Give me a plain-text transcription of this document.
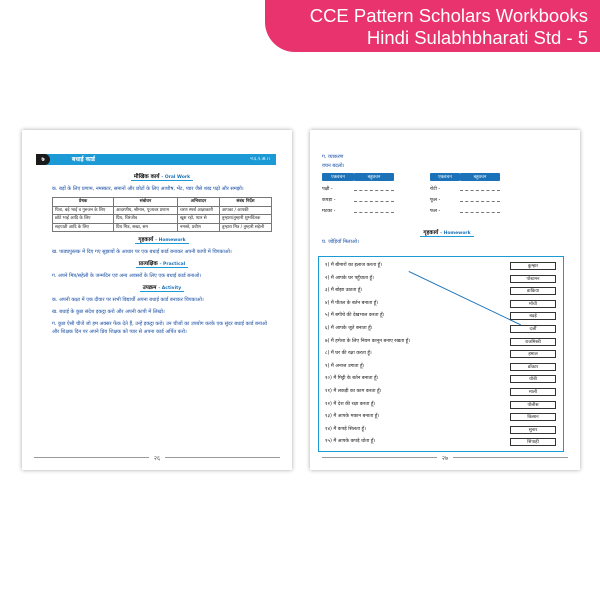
CCE Pattern Scholars Workbooks
Hindi Sulabhbharati Std - 5
७	बधाई कार्ड	न.६.१.अ.।।
मौखिक कार्य - Oral Work
क. बड़ों के लिए प्रणाम, नमस्कार, समानों और छोटों के लिए आशीष, भेंट, प्यार जैसे शब्द पढ़ो और समझो।
प्रेषक	संबोधन	अभिवादन	संबंध निर्देश
पिता, बड़े भाई व गुरुजन के लिए	आदरणीय, श्रीमान, पूज्यवर प्रणाम	चरण स्पर्श आज्ञाकारी	आपका / आपकी
छोटे भाई आदि के लिए	प्रिय, चिरंजीव	खुश रहो, प्यार से	तुम्हारा/तुम्हारी शुभचिंतक
सहपाठी आदि के लिए	प्रिय मित्र, सखा, सम	नमस्ते, प्रवीण	तुम्हारा मित्र / तुम्हारी सहेली
गृहकार्य - Homework
ख. पाठ्यपुस्तक में दिए गए सुझावों के आधार पर एक बधाई कार्ड बनाकर अपनी कापी में चिपकाओ।
प्रात्यक्षिक - Practical
ग. अपने मित्र/सहेली के जन्मदिन एवं अन्य अवसरों के लिए एक बधाई कार्ड बनाओ।
उपक्रम - Activity
क. अपनी कक्षा में एक दीवार पर सभी विद्यार्थी अपना बधाई कार्ड बनाकर चिपकाओ।
ख. बधाई के कुछ संदेश इकट्ठा करो और अपनी कापी में लिखो।
ग. कुछ ऐसी चीजें जो हम अक्सर फेंक देते हैं, उन्हें इकट्ठा करो। उन चीजों का उपयोग करके एक सुंदर बधाई कार्ड बनाओ और शिक्षक दिन पर अपने प्रिय शिक्षक को प्यार से अपना कार्ड अर्पित करो।
२६
ग. व्याकरण
वचन बदलो।
एकवचन	बहुवचन	एकवचन	बहुवचन
पक्षी -	रोटी -
कपड़ा -	फूल -
मटका -	फल -
गृहकार्य - Homework
घ. जोड़ियाँ मिलाओ।
१) मैं बीमारों का इलाज करता हूँ।	कुम्हार
२) मैं आपके घर पहुँचाता हूँ।	पोस्टमन
३) मैं बोझा उठाता हूँ।	डाकिया
४) मैं पीतल के बर्तन बनाता हूँ।	मोची
५) मैं बगीचे की देखभाल करता हूँ।	बढ़ई
६) मैं आपके जूते बनाता हूँ।	दर्जी
७) मैं हमेशा के लिए नियम कानून बनाए रखता हूँ।	राजमिस्त्री
८) मैं घर की रक्षा करता हूँ।	हमाल
९) मैं अनाज उगाता हूँ।	डॉक्टर
१०) मैं मिट्टी के बर्तन बनाता हूँ।	धोबी
११) मैं लकड़ी का काम करता हूँ।	माली
१२) मैं देश की रक्षा करता हूँ।	पोलीस
१३) मैं आपके मकान बनाता हूँ।	किसान
१४) मैं कपड़े सिलता हूँ।	सुनार
१५) मैं आपके कपड़े धोता हूँ।	सिपाही
२७
